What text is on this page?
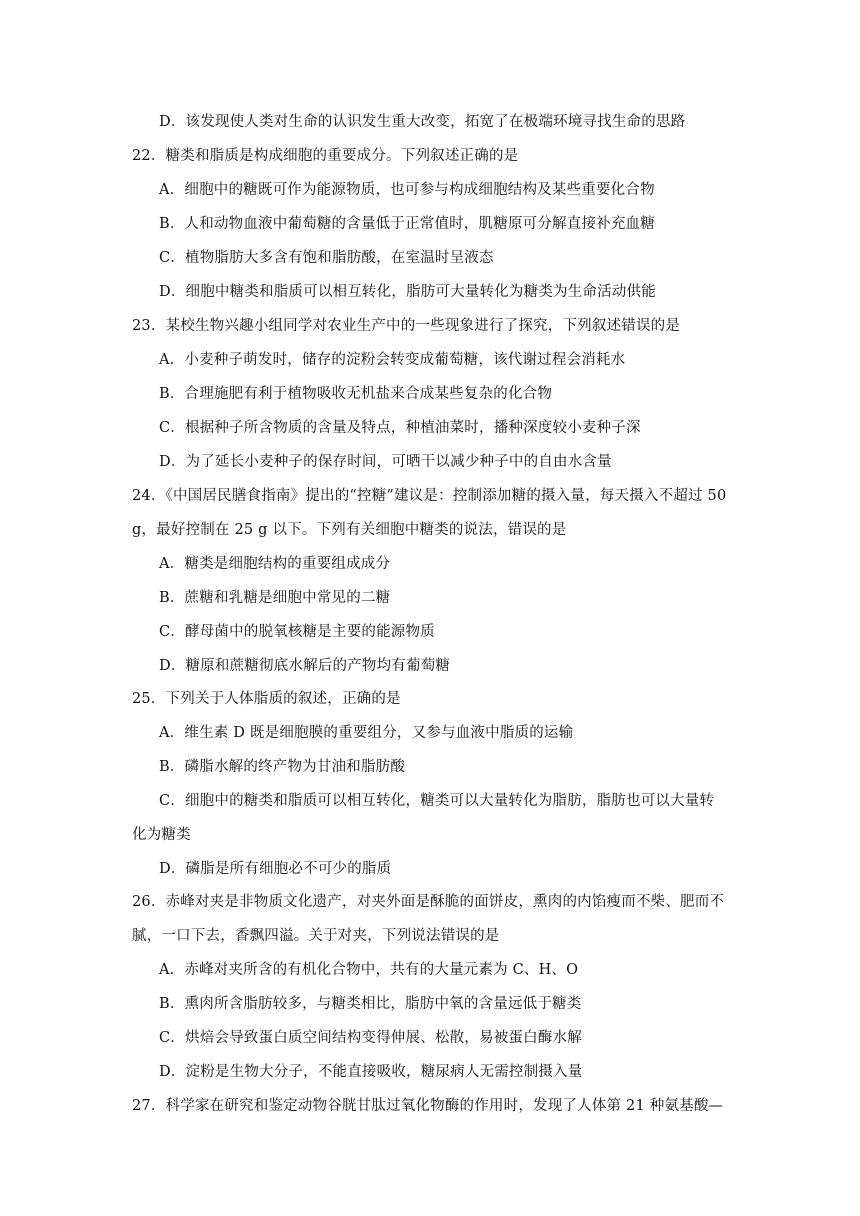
D．该发现使人类对生命的认识发生重大改变，拓宽了在极端环境寻找生命的思路
22．糖类和脂质是构成细胞的重要成分。下列叙述正确的是
A．细胞中的糖既可作为能源物质，也可参与构成细胞结构及某些重要化合物
B．人和动物血液中葡萄糖的含量低于正常值时，肌糖原可分解直接补充血糖
C．植物脂肪大多含有饱和脂肪酸，在室温时呈液态
D．细胞中糖类和脂质可以相互转化，脂肪可大量转化为糖类为生命活动供能
23．某校生物兴趣小组同学对农业生产中的一些现象进行了探究，下列叙述错误的是
A．小麦种子萌发时，储存的淀粉会转变成葡萄糖，该代谢过程会消耗水
B．合理施肥有利于植物吸收无机盐来合成某些复杂的化合物
C．根据种子所含物质的含量及特点，种植油菜时，播种深度较小麦种子深
D．为了延长小麦种子的保存时间，可晒干以减少种子中的自由水含量
24．《中国居民膳食指南》提出的“控糖”建议是：控制添加糖的摄入量，每天摄入不超过 50
g，最好控制在 25 g 以下。下列有关细胞中糖类的说法，错误的是
A．糖类是细胞结构的重要组成成分
B．蔗糖和乳糖是细胞中常见的二糖
C．酵母菌中的脱氧核糖是主要的能源物质
D．糖原和蔗糖彻底水解后的产物均有葡萄糖
25．下列关于人体脂质的叙述，正确的是
A．维生素 D 既是细胞膜的重要组分，又参与血液中脂质的运输
B．磷脂水解的终产物为甘油和脂肪酸
C．细胞中的糖类和脂质可以相互转化，糖类可以大量转化为脂肪，脂肪也可以大量转
化为糖类
D．磷脂是所有细胞必不可少的脂质
26．赤峰对夹是非物质文化遗产，对夹外面是酥脆的面饼皮，熏肉的内馅瘦而不柴、肥而不
腻，一口下去，香飘四溢。关于对夹，下列说法错误的是
A．赤峰对夹所含的有机化合物中，共有的大量元素为 C、H、O
B．熏肉所含脂肪较多，与糖类相比，脂肪中氧的含量远低于糖类
C．烘焙会导致蛋白质空间结构变得伸展、松散，易被蛋白酶水解
D．淀粉是生物大分子，不能直接吸收，糖尿病人无需控制摄入量
27．科学家在研究和鉴定动物谷胱甘肽过氧化物酶的作用时，发现了人体第 21 种氨基酸—
